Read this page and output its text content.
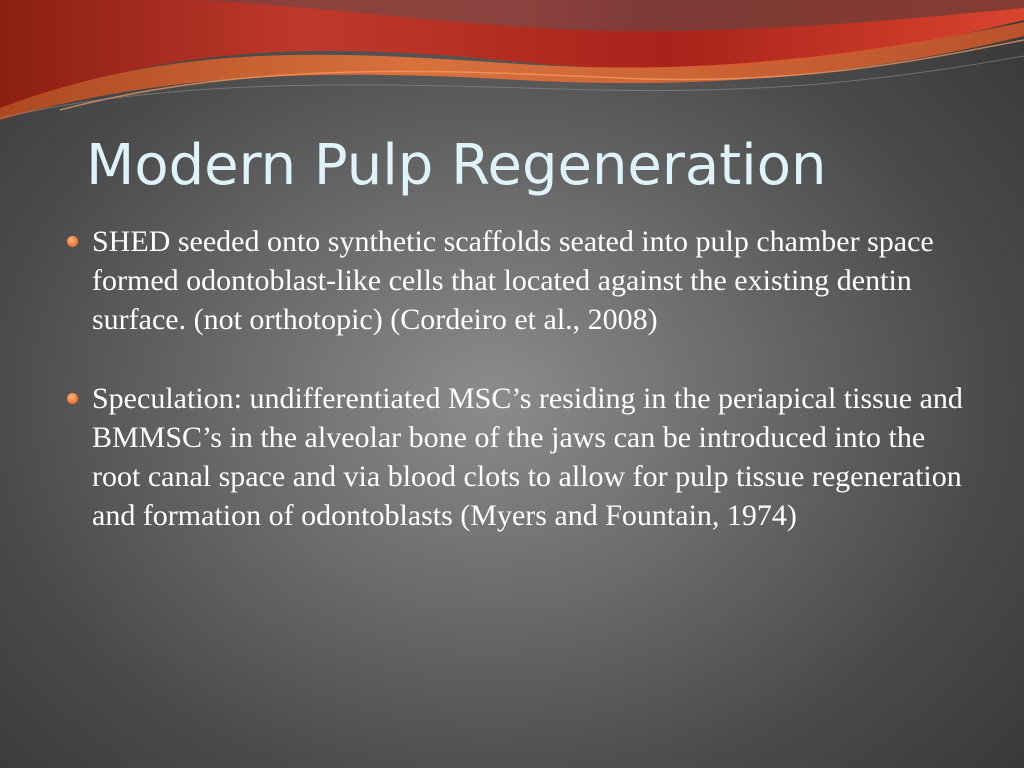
Modern Pulp Regeneration
SHED seeded onto synthetic scaffolds seated into pulp chamber space formed odontoblast-like cells that located against the existing dentin surface. (not orthotopic) (Cordeiro et al., 2008)
Speculation: undifferentiated MSC’s residing in the periapical tissue and BMMSC’s in the alveolar bone of the jaws can be introduced into the root canal space and via blood clots to allow for pulp tissue regeneration and formation of odontoblasts (Myers and Fountain, 1974)
